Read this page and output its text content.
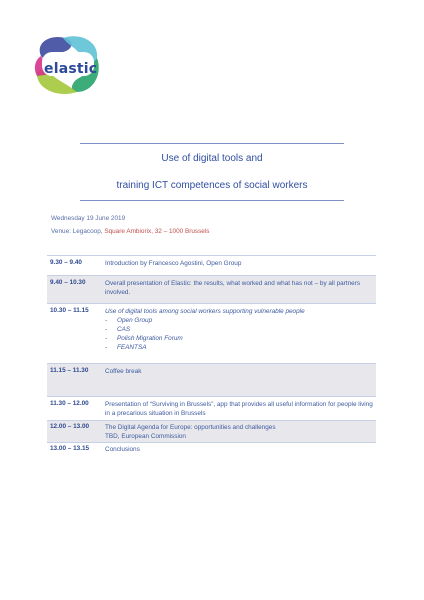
elastic
Use of digital tools and
training ICT competences of social workers
Wednesday 19 June 2019
Venue: Legacoop, Square Ambiorix, 32 – 1000 Brussels
9.30 – 9.40	Introduction by Francesco Agostini, Open Group
9.40 – 10.30	Overall presentation of Elastic: the results, what worked and what has not – by all partners involved.
10.30 – 11.15	Use of digital tools among social workers supporting vulnerable people
- Open Group
- CAS
- Polish Migration Forum
- FEANTSA
11.15 – 11.30	Coffee break
11.30 – 12.00	Presentation of “Surviving in Brussels”, app that provides all useful information for people living in a precarious situation in Brussels
12.00 – 13.00	The Digital Agenda for Europe: opportunities and challenges
TBD, European Commission
13.00 – 13.15	Conclusions
